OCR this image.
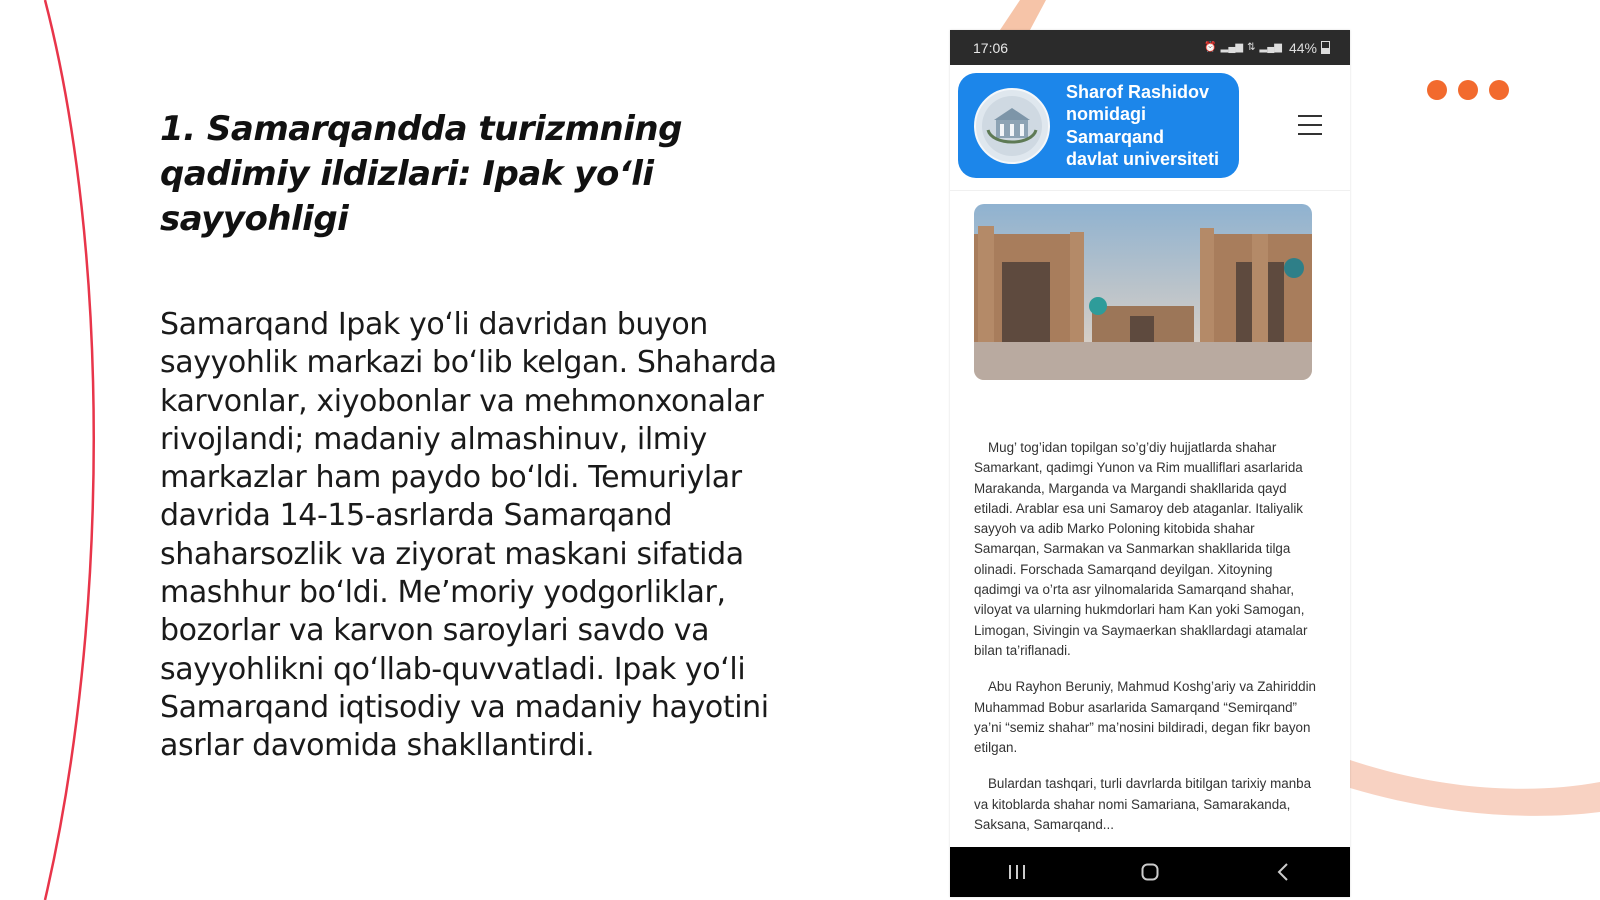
1. Samarqandda turizmning qadimiy ildizlari: Ipak yo‘li sayyohligi

Samarqand Ipak yo‘li davridan buyon sayyohlik markazi bo‘lib kelgan. Shaharda karvonlar, xiyobonlar va mehmonxonalar rivojlandi; madaniy almashinuv, ilmiy markazlar ham paydo bo‘ldi. Temuriylar davrida 14-15-asrlarda Samarqand shaharsozlik va ziyorat maskani sifatida mashhur bo‘ldi. Me’moriy yodgorliklar, bozorlar va karvon saroylari savdo va sayyohlikni qo‘llab-quvvatladi. Ipak yo‘li Samarqand iqtisodiy va madaniy hayotini asrlar davomida shakllantirdi.

17:06	⏰ ▂▄▆ ⇅ ▂▄▆ 44%
Sharof Rashidov
nomidagi
Samarqand
davlat universiteti

Mug’ tog’idan topilgan so’g’diy hujjatlarda shahar Samarkant, qadimgi Yunon va Rim mualliflari asarlarida Marakanda, Marganda va Margandi shakllarida qayd etiladi. Arablar esa uni Samaroy deb ataganlar. Italiyalik sayyoh va adib Marko Poloning kitobida shahar Samarqan, Sarmakan va Sanmarkan shakllarida tilga olinadi. Forschada Samarqand deyilgan. Xitoyning qadimgi va o’rta asr yilnomalarida Samarqand shahar, viloyat va ularning hukmdorlari ham Kan yoki Samogan, Limogan, Sivingin va Saymaerkan shakllardagi atamalar bilan ta’riflanadi.

Abu Rayhon Beruniy, Mahmud Koshg’ariy va Zahiriddin Muhammad Bobur asarlarida Samarqand “Semirqand” ya’ni “semiz shahar” ma’nosini bildiradi, degan fikr bayon etilgan.

Bulardan tashqari, turli davrlarda bitilgan tarixiy manba va kitoblarda shahar nomi Samariana, Samarakanda, Saksana, Samarqand...
